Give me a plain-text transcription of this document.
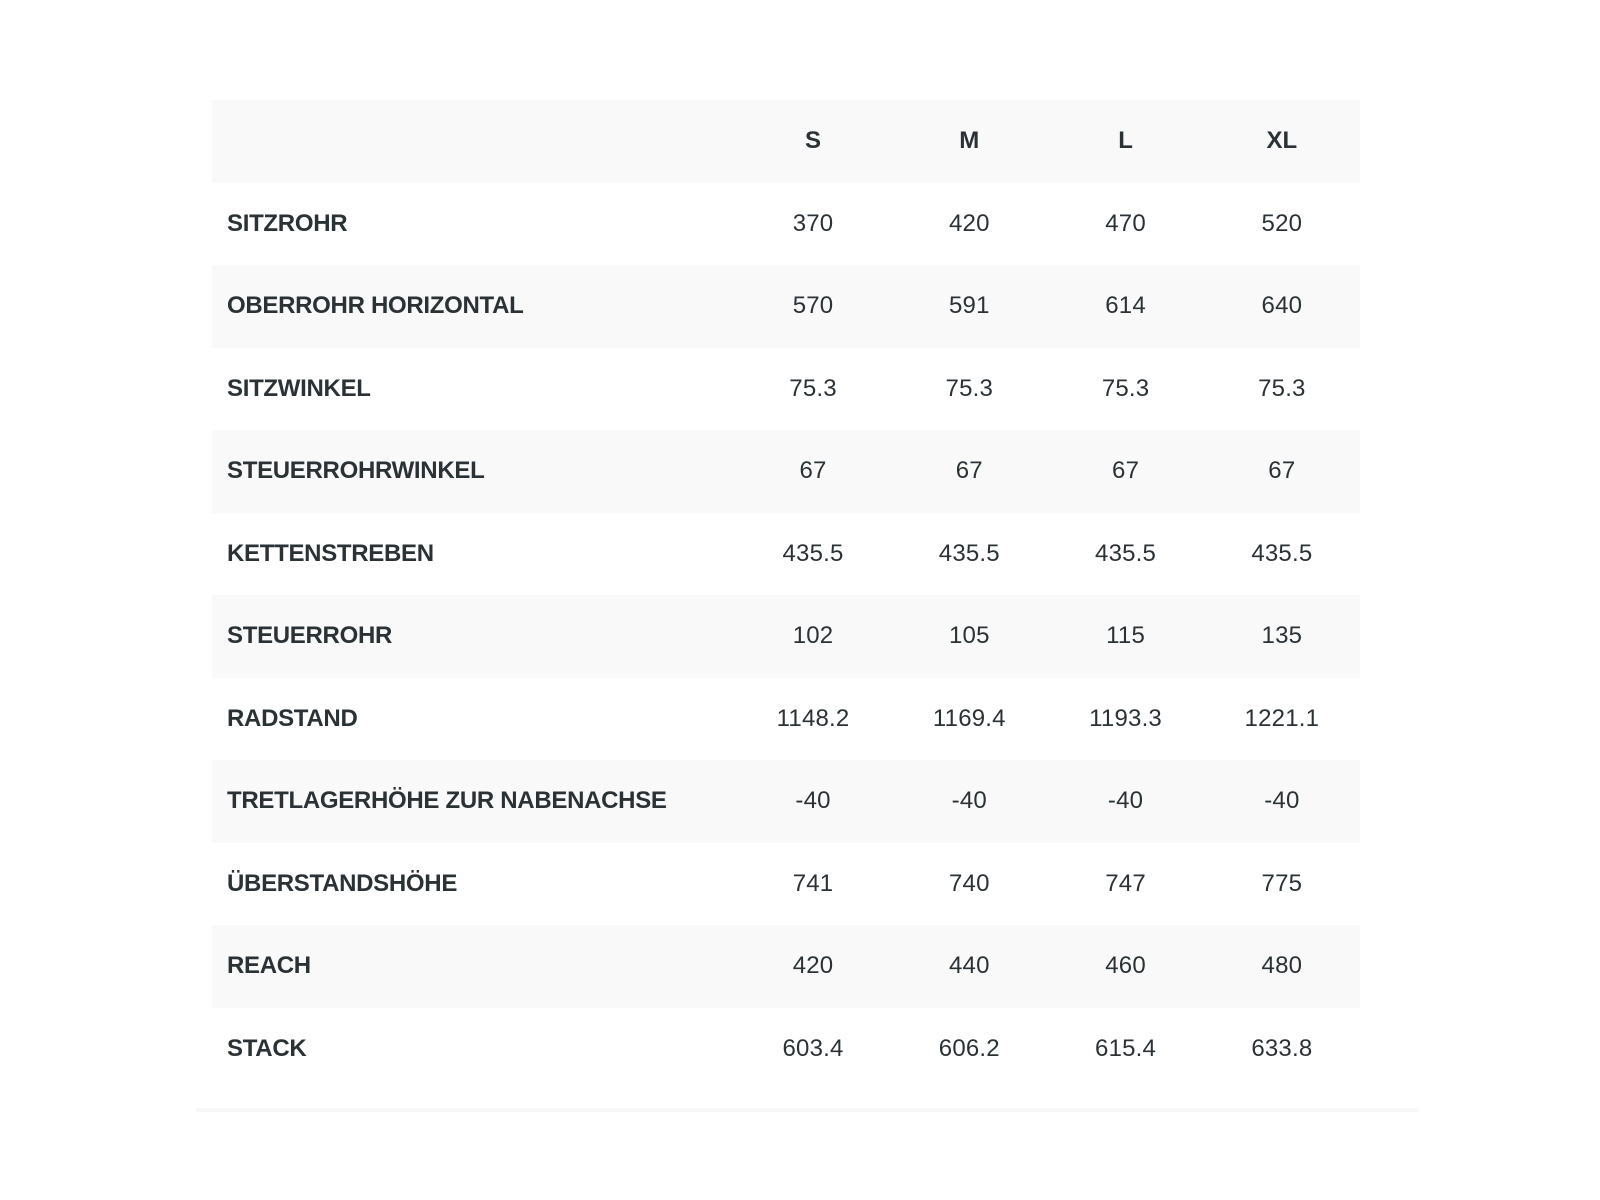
	S	M	L	XL
SITZROHR	370	420	470	520
OBERROHR HORIZONTAL	570	591	614	640
SITZWINKEL	75.3	75.3	75.3	75.3
STEUERROHRWINKEL	67	67	67	67
KETTENSTREBEN	435.5	435.5	435.5	435.5
STEUERROHR	102	105	115	135
RADSTAND	1148.2	1169.4	1193.3	1221.1
TRETLAGERHÖHE ZUR NABENACHSE	-40	-40	-40	-40
ÜBERSTANDSHÖHE	741	740	747	775
REACH	420	440	460	480
STACK	603.4	606.2	615.4	633.8
